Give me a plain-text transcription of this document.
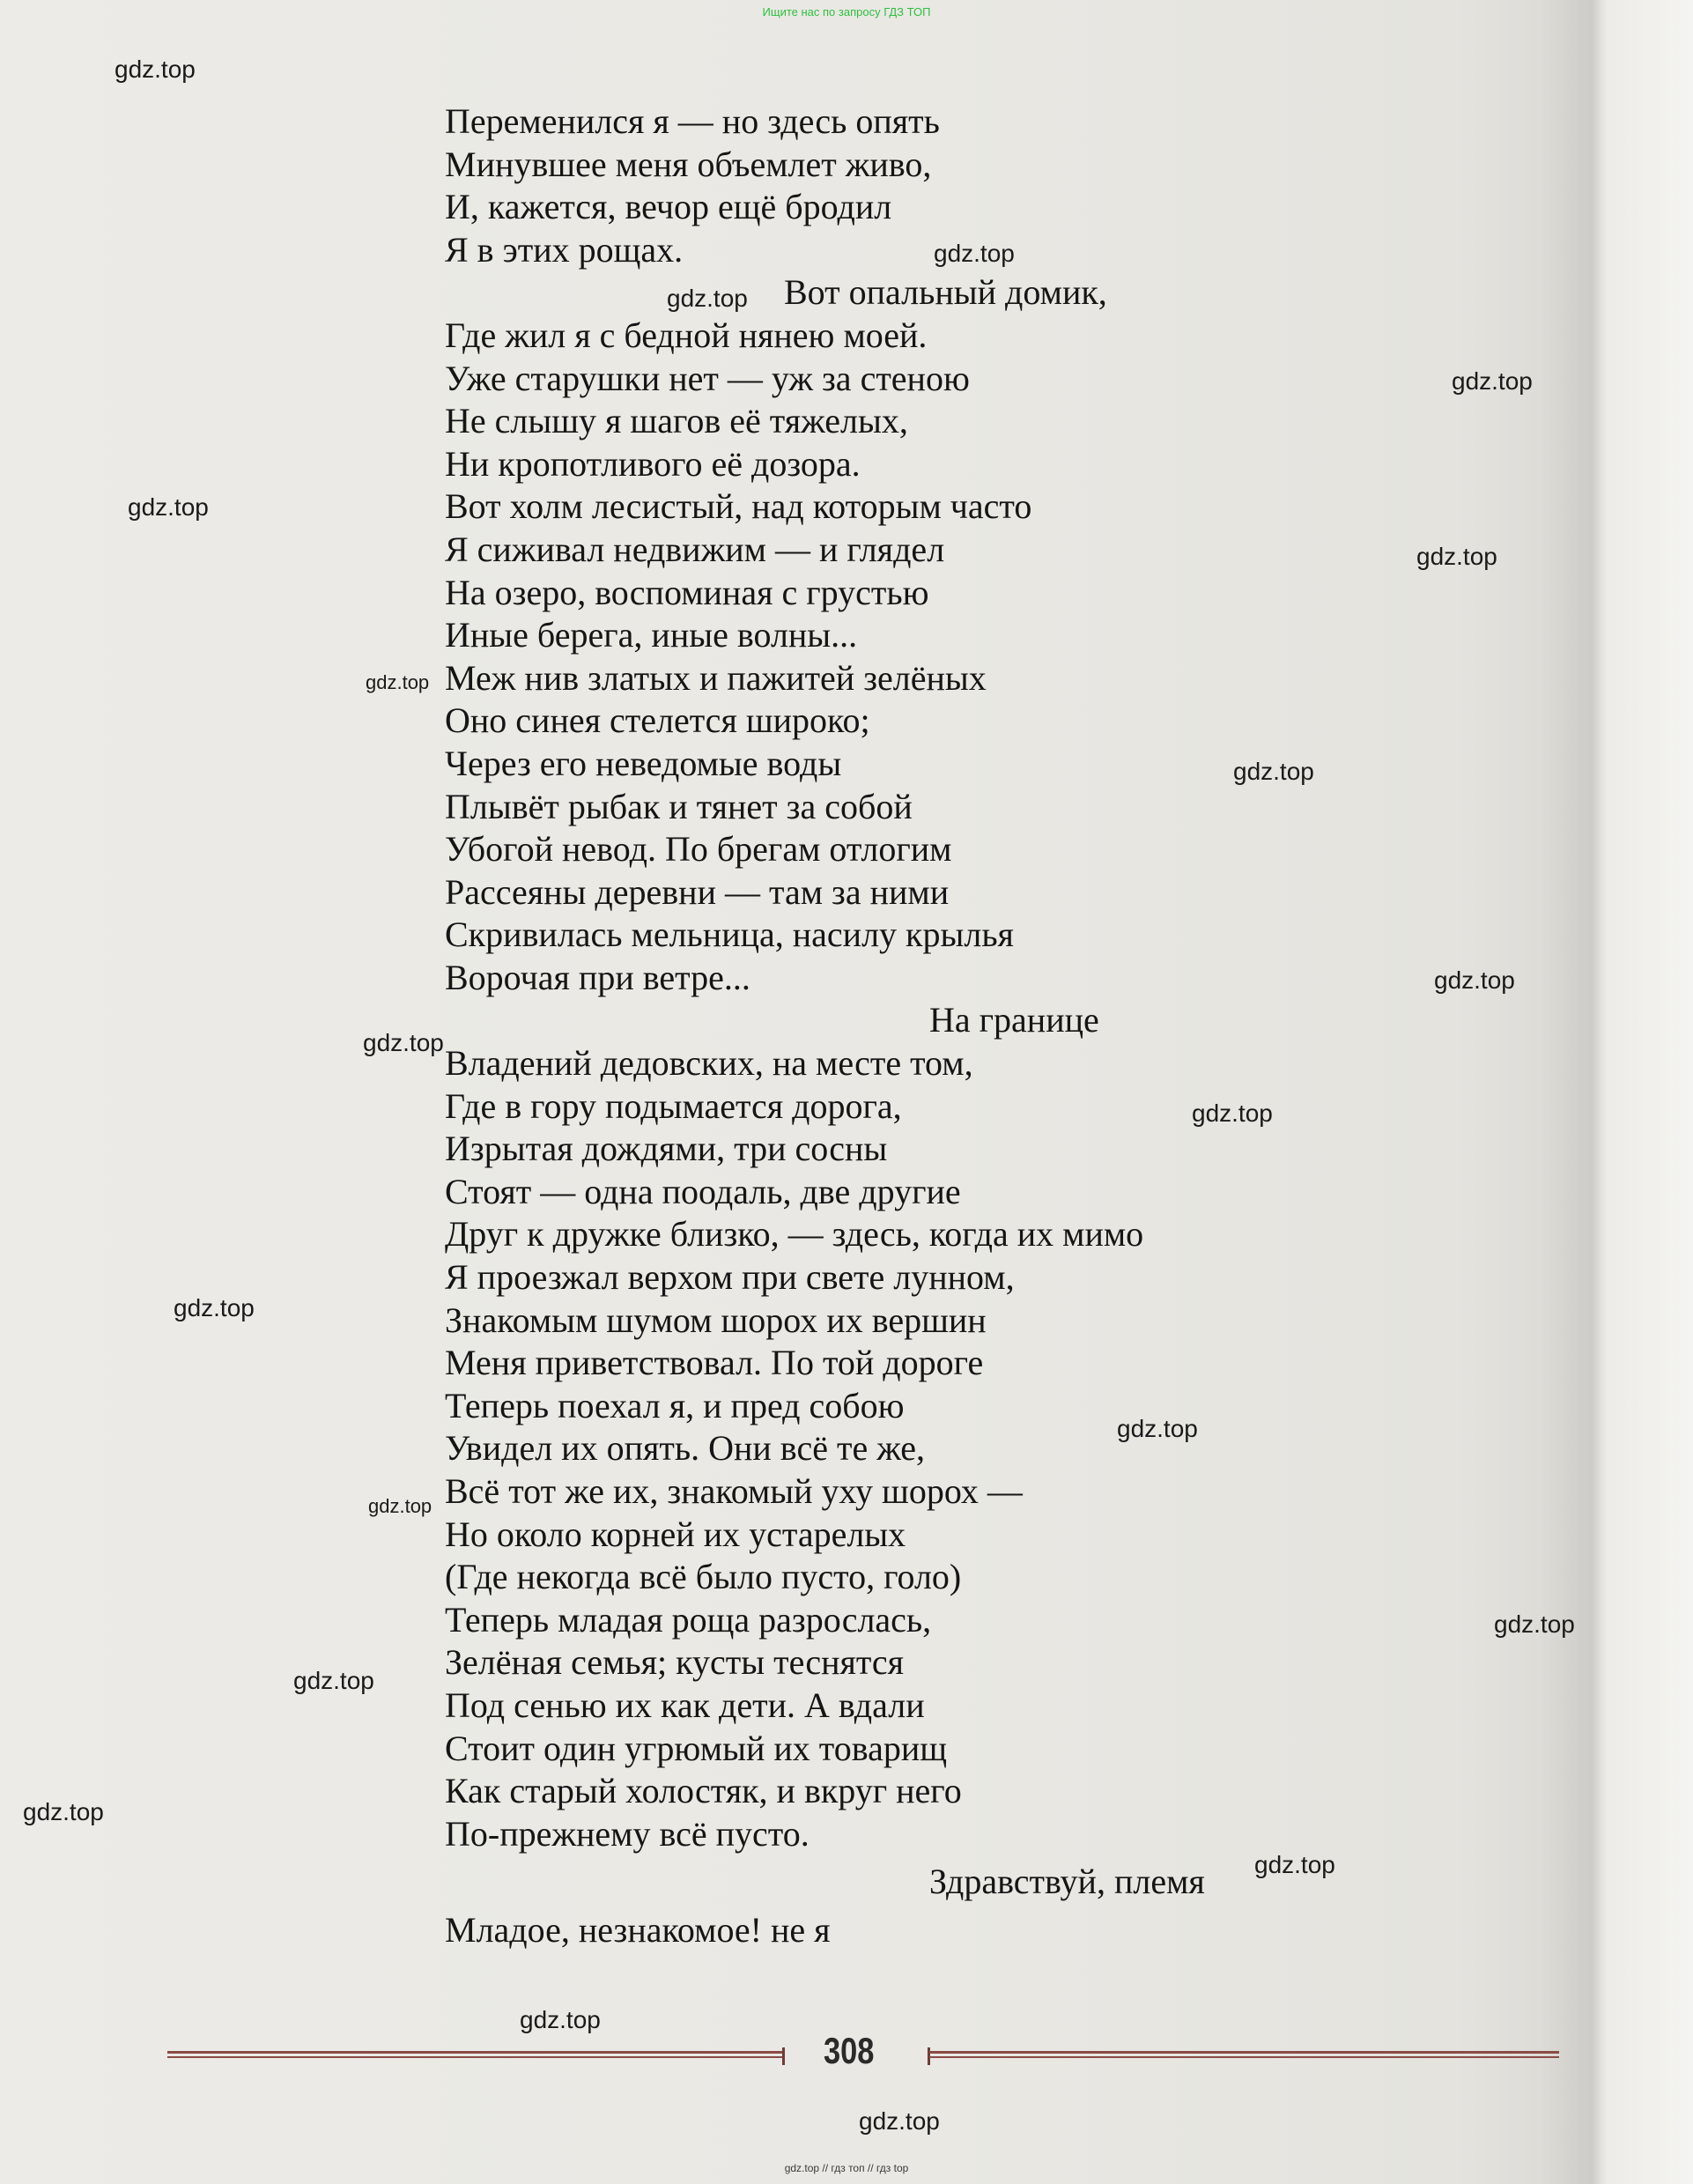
Ищите нас по запросу ГДЗ ТОП

Переменился я — но здесь опять
Минувшее меня объемлет живо,
И, кажется, вечор ещё бродил
Я в этих рощах.
Вот опальный домик,
Где жил я с бедной нянею моей.
Уже старушки нет — уж за стеною
Не слышу я шагов её тяжелых,
Ни кропотливого её дозора.
Вот холм лесистый, над которым часто
Я сиживал недвижим — и глядел
На озеро, воспоминая с грустью
Иные берега, иные волны...
Меж нив златых и пажитей зелёных
Оно синея стелется широко;
Через его неведомые воды
Плывёт рыбак и тянет за собой
Убогой невод. По брегам отлогим
Рассеяны деревни — там за ними
Скривилась мельница, насилу крылья
Ворочая при ветре...
На границе
Владений дедовских, на месте том,
Где в гору подымается дорога,
Изрытая дождями, три сосны
Стоят — одна поодаль, две другие
Друг к дружке близко, — здесь, когда их мимо
Я проезжал верхом при свете лунном,
Знакомым шумом шорох их вершин
Меня приветствовал. По той дороге
Теперь поехал я, и пред собою
Увидел их опять. Они всё те же,
Всё тот же их, знакомый уху шорох —
Но около корней их устарелых
(Где некогда всё было пусто, голо)
Теперь младая роща разрослась,
Зелёная семья; кусты теснятся
Под сенью их как дети. А вдали
Стоит один угрюмый их товарищ
Как старый холостяк, и вкруг него
По-прежнему всё пусто.
Здравствуй, племя
Младое, незнакомое! не я
gdz.top
gdz.top
gdz.top
gdz.top
gdz.top
gdz.top
gdz.top
gdz.top
gdz.top
gdz.top
gdz.top
gdz.top
gdz.top
gdz.top
gdz.top
gdz.top
gdz.top
gdz.top
gdz.top
gdz.top
308
gdz.top // гдз топ // гдз top
